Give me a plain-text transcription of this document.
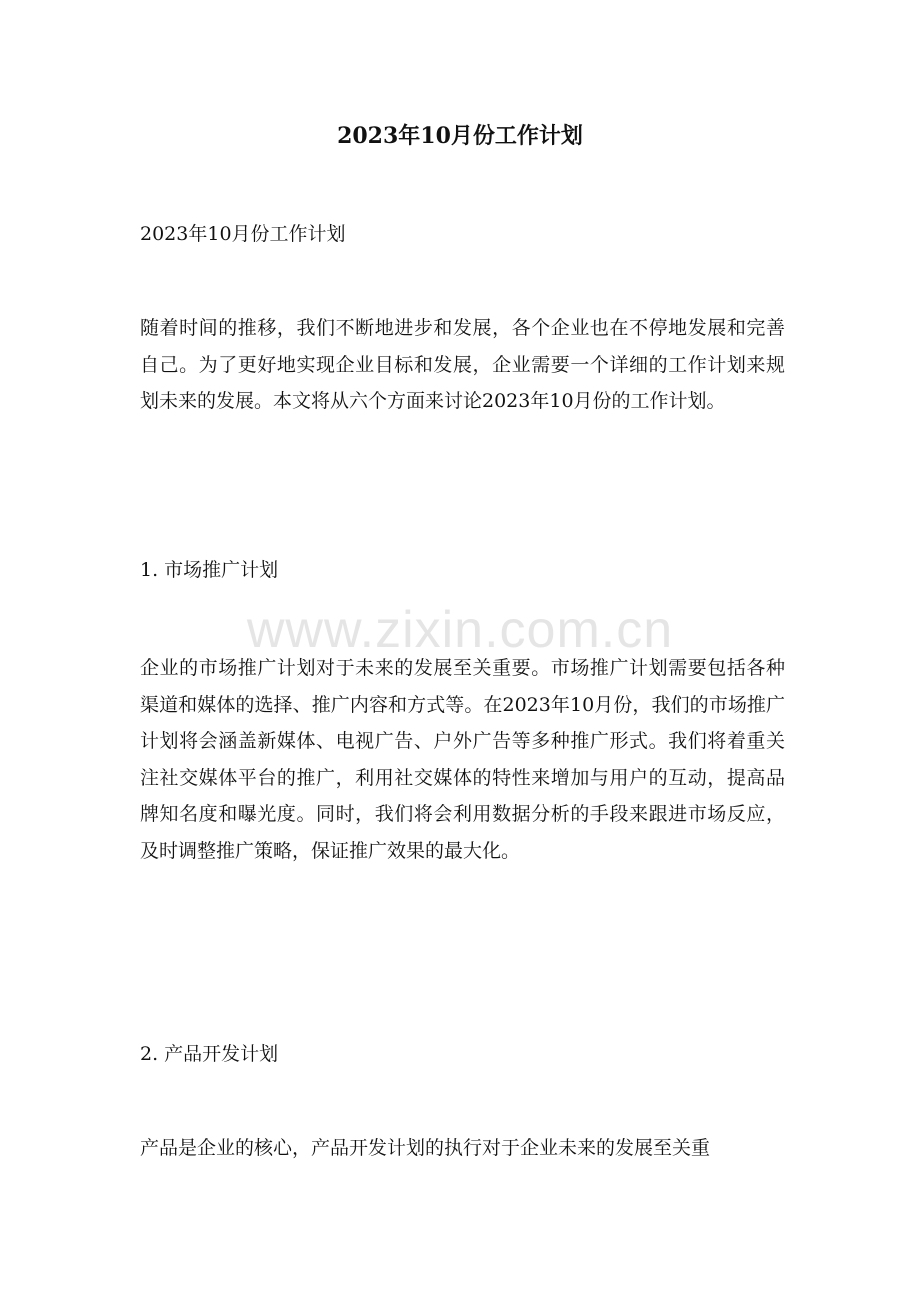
2023年10月份工作计划

2023年10月份工作计划

随着时间的推移，我们不断地进步和发展，各个企业也在不停地发展和完善自己。为了更好地实现企业目标和发展，企业需要一个详细的工作计划来规划未来的发展。本文将从六个方面来讨论2023年10月份的工作计划。

1. 市场推广计划

企业的市场推广计划对于未来的发展至关重要。市场推广计划需要包括各种渠道和媒体的选择、推广内容和方式等。在2023年10月份，我们的市场推广计划将会涵盖新媒体、电视广告、户外广告等多种推广形式。我们将着重关注社交媒体平台的推广，利用社交媒体的特性来增加与用户的互动，提高品牌知名度和曝光度。同时，我们将会利用数据分析的手段来跟进市场反应，及时调整推广策略，保证推广效果的最大化。

2. 产品开发计划

产品是企业的核心，产品开发计划的执行对于企业未来的发展至关重

www.zixin.com.cn
